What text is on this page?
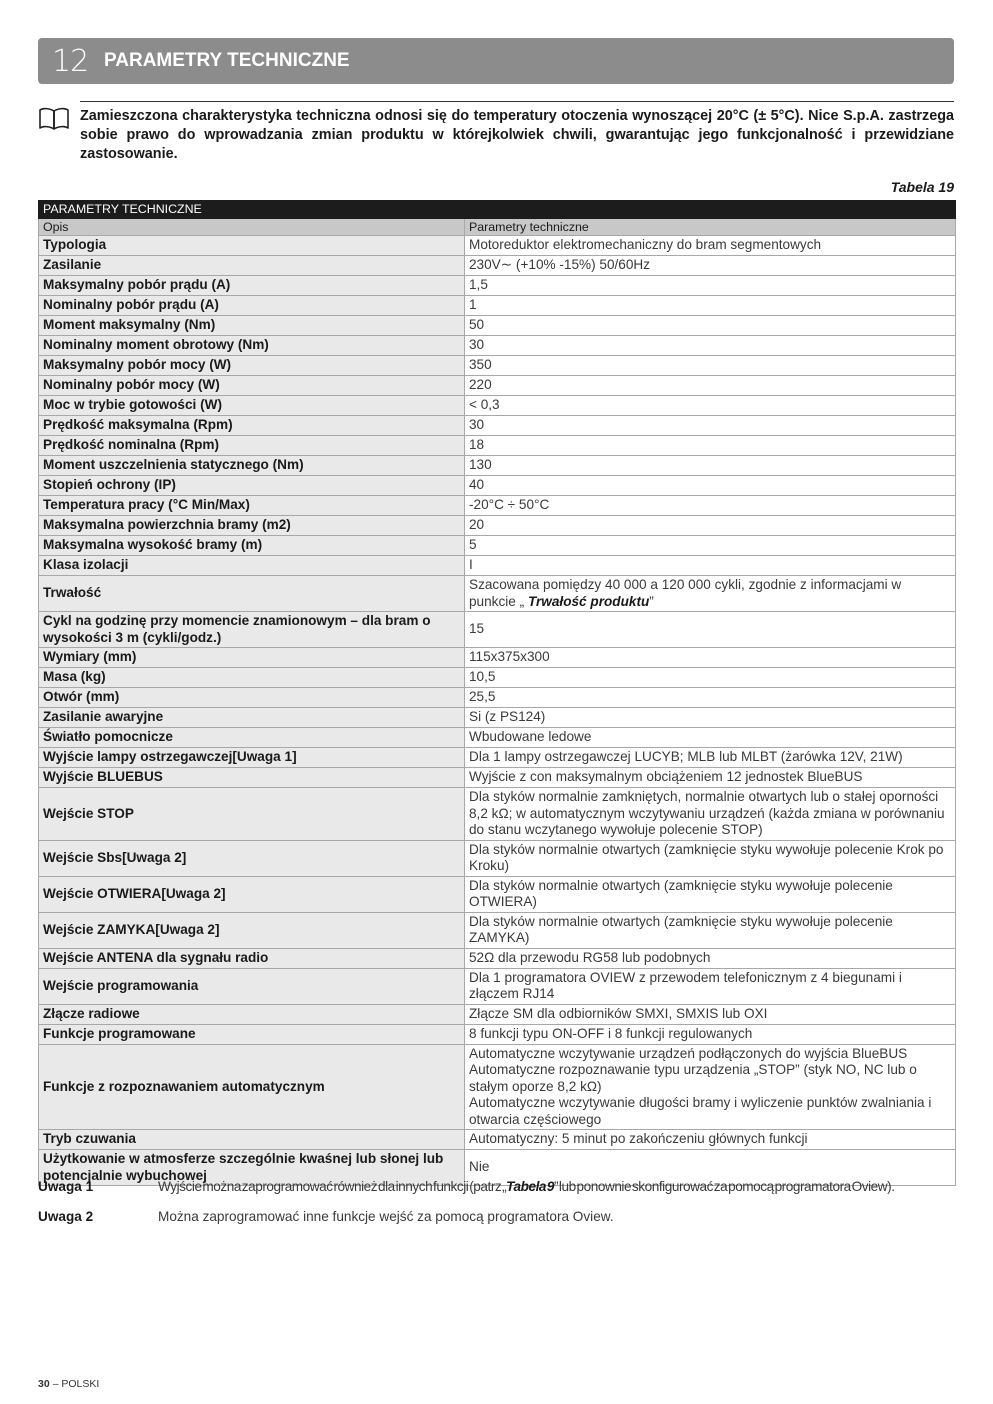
12 PARAMETRY TECHNICZNE
Zamieszczona charakterystyka techniczna odnosi się do temperatury otoczenia wynoszącej 20°C (± 5°C). Nice S.p.A. zastrzega sobie prawo do wprowadzania zmian produktu w którejkolwiek chwili, gwarantując jego funkcjonalność i przewidziane zastosowanie.
Tabela 19
PARAMETRY TECHNICZNE	
Opis	Parametry techniczne
Typologia	Motoreduktor elektromechaniczny do bram segmentowych
Zasilanie	230V∼ (+10% -15%) 50/60Hz
Maksymalny pobór prądu (A)	1,5
Nominalny pobór prądu (A)	1
Moment maksymalny (Nm)	50
Nominalny moment obrotowy (Nm)	30
Maksymalny pobór mocy (W)	350
Nominalny pobór mocy (W)	220
Moc w trybie gotowości (W)	< 0,3
Prędkość maksymalna (Rpm)	30
Prędkość nominalna (Rpm)	18
Moment uszczelnienia statycznego (Nm)	130
Stopień ochrony (IP)	40
Temperatura pracy (°C Min/Max)	-20°C ÷ 50°C
Maksymalna powierzchnia bramy (m2)	20
Maksymalna wysokość bramy (m)	5
Klasa izolacji	I
Trwałość	Szacowana pomiędzy 40 000 a 120 000 cykli, zgodnie z informacjami w punkcie „ Trwałość produktu”
Cykl na godzinę przy momencie znamionowym – dla bram o wysokości 3 m (cykli/godz.)	15
Wymiary (mm)	115x375x300
Masa (kg)	10,5
Otwór (mm)	25,5
Zasilanie awaryjne	Si (z PS124)
Światło pomocnicze	Wbudowane ledowe
Wyjście lampy ostrzegawczej[Uwaga 1]	Dla 1 lampy ostrzegawczej LUCYB; MLB lub MLBT (żarówka 12V, 21W)
Wyjście BLUEBUS	Wyjście z con maksymalnym obciążeniem 12 jednostek BlueBUS
Wejście STOP	Dla styków normalnie zamkniętych, normalnie otwartych lub o stałej oporności 8,2 kΩ; w automatycznym wczytywaniu urządzeń (każda zmiana w porównaniu do stanu wczytanego wywołuje polecenie STOP)
Wejście Sbs[Uwaga 2]	Dla styków normalnie otwartych (zamknięcie styku wywołuje polecenie Krok po Kroku)
Wejście OTWIERA[Uwaga 2]	Dla styków normalnie otwartych (zamknięcie styku wywołuje polecenie OTWIERA)
Wejście ZAMYKA[Uwaga 2]	Dla styków normalnie otwartych (zamknięcie styku wywołuje polecenie ZAMYKA)
Wejście ANTENA dla sygnału radio	52Ω dla przewodu RG58 lub podobnych
Wejście programowania	Dla 1 programatora OVIEW z przewodem telefonicznym z 4 biegunami i złączem RJ14
Złącze radiowe	Złącze SM dla odbiorników SMXI, SMXIS lub OXI
Funkcje programowane	8 funkcji typu ON-OFF i 8 funkcji regulowanych
Funkcje z rozpoznawaniem automatycznym	Automatyczne wczytywanie urządzeń podłączonych do wyjścia BlueBUS
Automatyczne rozpoznawanie typu urządzenia „STOP” (styk NO, NC lub o stałym oporze 8,2 kΩ)
Automatyczne wczytywanie długości bramy i wyliczenie punktów zwalniania i otwarcia częściowego

Tryb czuwania	Automatyczny: 5 minut po zakończeniu głównych funkcji
Użytkowanie w atmosferze szczególnie kwaśnej lub słonej lub potencjalnie wybuchowej	Nie
Uwaga 1	Wyjście można zaprogramować również dla innych funkcji (patrz „Tabela 9” lub ponownie skonfigurować za pomocą programatora Oview).
Uwaga 2	Można zaprogramować inne funkcje wejść za pomocą programatora Oview.
30 – POLSKI
